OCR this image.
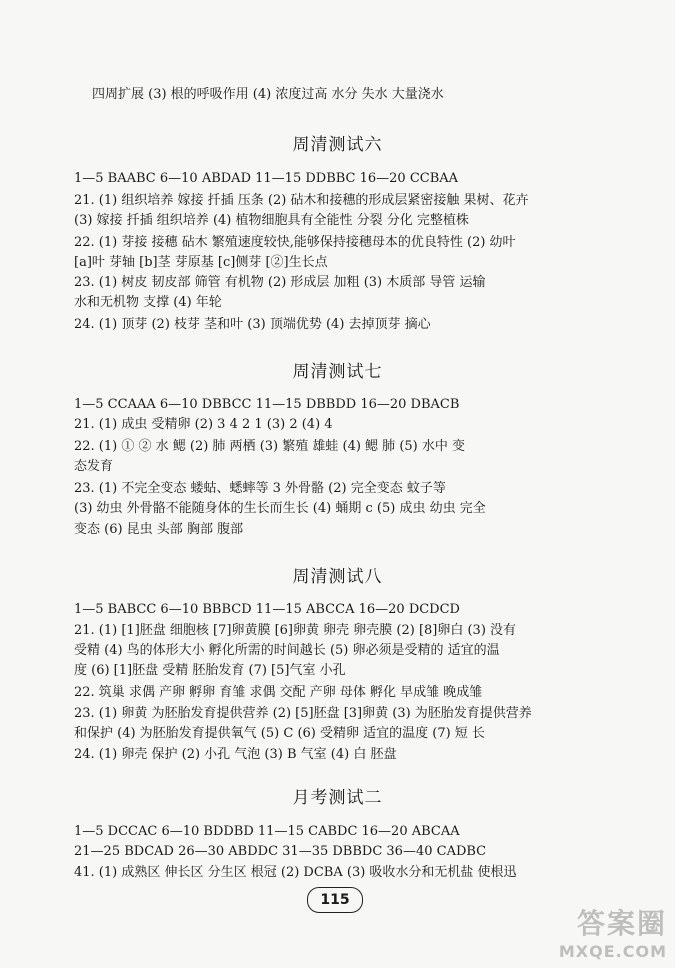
四周扩展 (3) 根的呼吸作用 (4) 浓度过高 水分 失水 大量浇水
周清测试六
1—5 BAABC 6—10 ABDAD 11—15 DDBBC 16—20 CCBAA
21. (1) 组织培养 嫁接 扦插 压条 (2) 砧木和接穗的形成层紧密接触 果树、花卉
(3) 嫁接 扦插 组织培养 (4) 植物细胞具有全能性 分裂 分化 完整植株
22. (1) 芽接 接穗 砧木 繁殖速度较快,能够保持接穗母本的优良特性 (2) 幼叶
[a]叶 芽轴 [b]茎 芽原基 [c]侧芽 [②]生长点
23. (1) 树皮 韧皮部 筛管 有机物 (2) 形成层 加粗 (3) 木质部 导管 运输
水和无机物 支撑 (4) 年轮
24. (1) 顶芽 (2) 枝芽 茎和叶 (3) 顶端优势 (4) 去掉顶芽 摘心
周清测试七
1—5 CCAAA 6—10 DBBCC 11—15 DBBDD 16—20 DBACB
21. (1) 成虫 受精卵 (2) 3 4 2 1 (3) 2 (4) 4
22. (1) ① ② 水 鳃 (2) 肺 两栖 (3) 繁殖 雄蛙 (4) 鳃 肺 (5) 水中 变
态发育
23. (1) 不完全变态 蝼蛄、蟋蟀等 3 外骨骼 (2) 完全变态 蚊子等
(3) 幼虫 外骨骼不能随身体的生长而生长 (4) 蛹期 c (5) 成虫 幼虫 完全
变态 (6) 昆虫 头部 胸部 腹部
周清测试八
1—5 BABCC 6—10 BBBCD 11—15 ABCCA 16—20 DCDCD
21. (1) [1]胚盘 细胞核 [7]卵黄膜 [6]卵黄 卵壳 卵壳膜 (2) [8]卵白 (3) 没有
受精 (4) 鸟的体形大小 孵化所需的时间越长 (5) 卵必须是受精的 适宜的温
度 (6) [1]胚盘 受精 胚胎发育 (7) [5]气室 小孔
22. 筑巢 求偶 产卵 孵卵 育雏 求偶 交配 产卵 母体 孵化 早成雏 晚成雏
23. (1) 卵黄 为胚胎发育提供营养 (2) [5]胚盘 [3]卵黄 (3) 为胚胎发育提供营养
和保护 (4) 为胚胎发育提供氧气 (5) C (6) 受精卵 适宜的温度 (7) 短 长
24. (1) 卵壳 保护 (2) 小孔 气泡 (3) B 气室 (4) 白 胚盘
月考测试二
1—5 DCCAC 6—10 BDDBD 11—15 CABDC 16—20 ABCAA
21—25 BDCAD 26—30 ABDDC 31—35 DBBDC 36—40 CADBC
41. (1) 成熟区 伸长区 分生区 根冠 (2) DCBA (3) 吸收水分和无机盐 使根迅
115
答案圈
MXQE.COM
